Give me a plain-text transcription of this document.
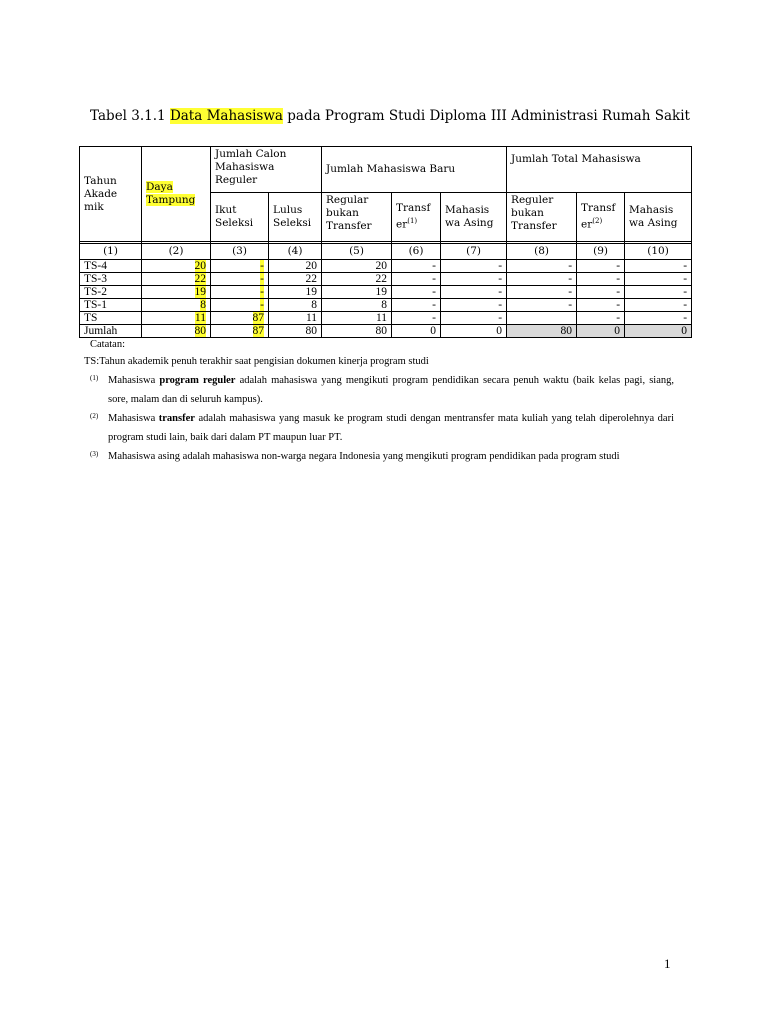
Tabel 3.1.1 Data Mahasiswa pada Program Studi Diploma III Administrasi Rumah Sakit
Tahun Akade mik	Daya Tampung	Jumlah Calon Mahasiswa Reguler		Jumlah Mahasiswa Baru			Jumlah Total Mahasiswa		
		Ikut Seleksi	Lulus Seleksi	Regular bukan Transfer	Transf $er^{(1)}$	Mahasis wa Asing	Reguler bukan Transfer	Transf $er^{(2)}$	Mahasis wa Asing

(1)	(2)	(3)	(4)	(5)	(6)	(7)	(8)	(9)	(10)
TS-4	20	-	20	20	-	-	-	-	-
TS-3	22	-	22	22	-	-	-	-	-
TS-2	19	-	19	19	-	-	-	-	-
TS-1	8	-	8	8	-	-	-	-	-
TS	11	87	11	11	-	-		-	-
Jumlah	80	87	80	80	0	0	80	0	0
Catatan:
TS:Tahun akademik penuh terakhir saat pengisian dokumen kinerja program studi
(1) Mahasiswa program reguler adalah mahasiswa yang mengikuti program pendidikan secara penuh waktu (baik kelas pagi, siang, sore, malam dan di seluruh kampus).
(2) Mahasiswa transfer adalah mahasiswa yang masuk ke program studi dengan mentransfer mata kuliah yang telah diperolehnya dari program studi lain, baik dari dalam PT maupun luar PT.
(3) Mahasiswa asing adalah mahasiswa non-warga negara Indonesia yang mengikuti program pendidikan pada program studi
1
